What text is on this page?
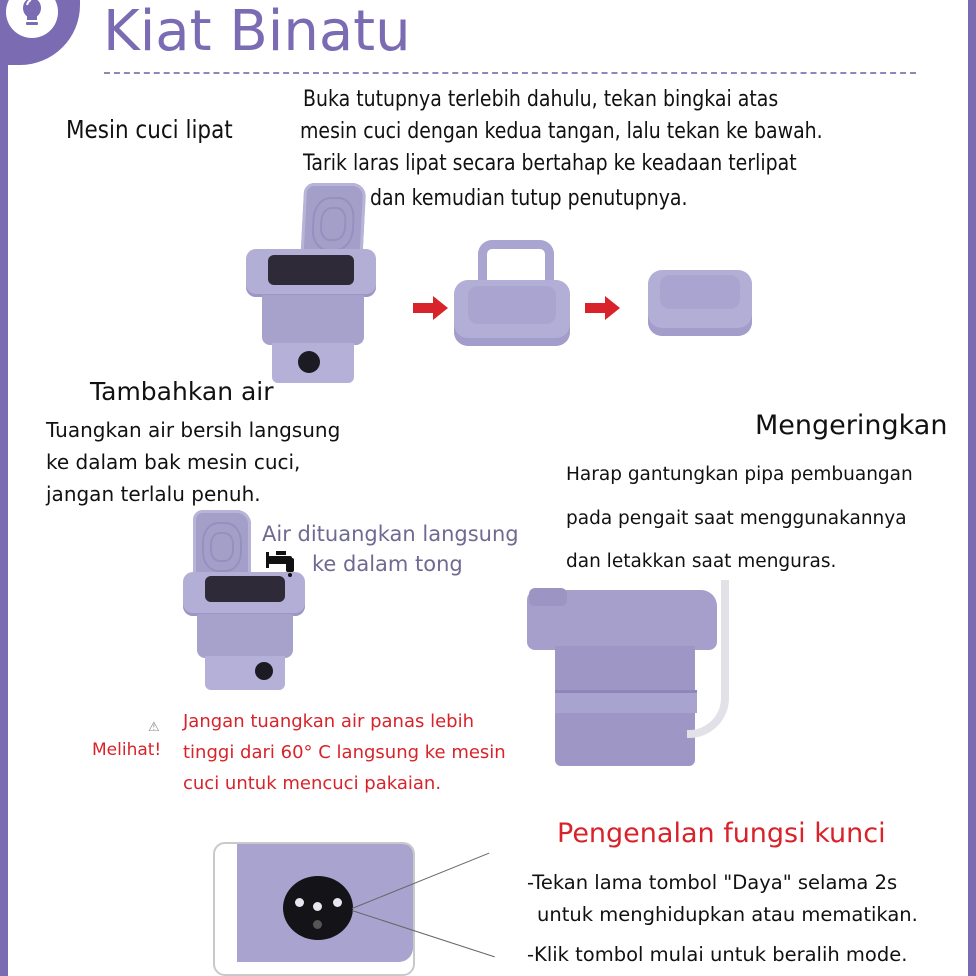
Kiat Binatu
Mesin cuci lipat
Buka tutupnya terlebih dahulu, tekan bingkai atas
mesin cuci dengan kedua tangan, lalu tekan ke bawah.
Tarik laras lipat secara bertahap ke keadaan terlipat
dan kemudian tutup penutupnya.
Tambahkan air
Tuangkan air bersih langsung
ke dalam bak mesin cuci,
jangan terlalu penuh.
Air dituangkan langsung
ke dalam tong
⚠
Melihat!
Jangan tuangkan air panas lebih
tinggi dari 60° C langsung ke mesin
cuci untuk mencuci pakaian.
Mengeringkan
Harap gantungkan pipa pembuangan
pada pengait saat menggunakannya
dan letakkan saat menguras.
Pengenalan fungsi kunci
-Tekan lama tombol "Daya" selama 2s
untuk menghidupkan atau mematikan.
-Klik tombol mulai untuk beralih mode.
